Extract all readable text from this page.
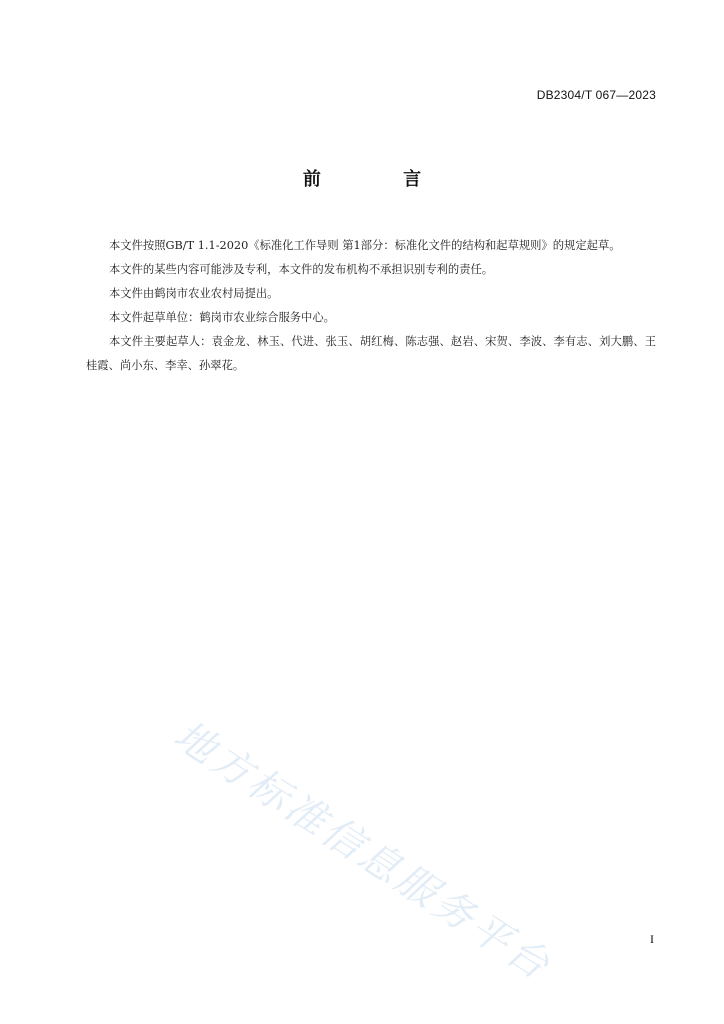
DB2304/T 067—2023
前 言

本文件按照GB/T 1.1-2020《标准化工作导则 第1部分：标准化文件的结构和起草规则》的规定起草。

本文件的某些内容可能涉及专利，本文件的发布机构不承担识别专利的责任。

本文件由鹤岗市农业农村局提出。

本文件起草单位：鹤岗市农业综合服务中心。

本文件主要起草人：袁金龙、林玉、代进、张玉、胡红梅、陈志强、赵岩、宋贺、李波、李有志、刘大鹏、王桂霞、尚小东、李幸、孙翠花。

地方标准信息服务平台	I
